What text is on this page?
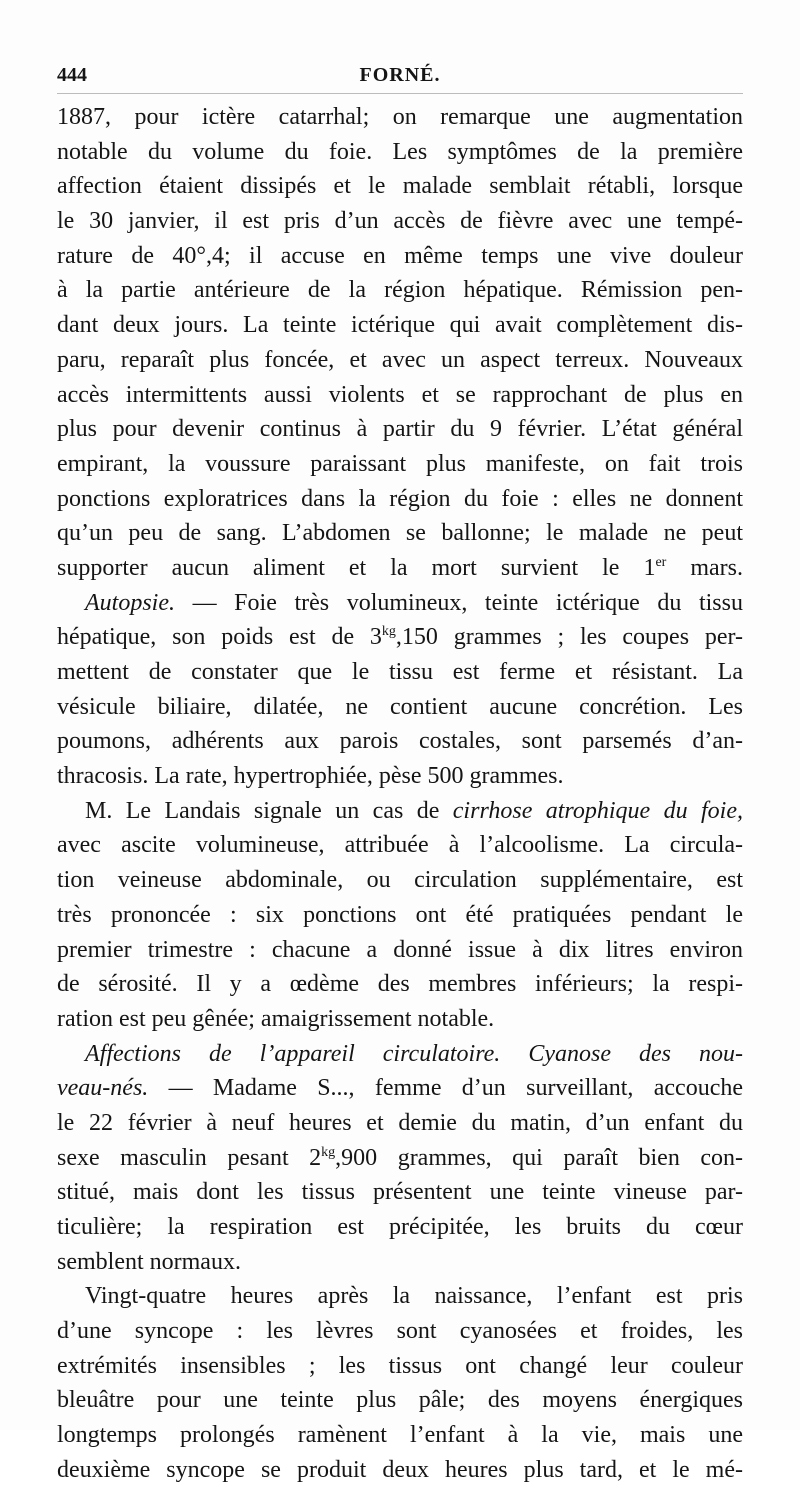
444	FORNÉ.
1887, pour ictère catarrhal; on remarque une augmentation
notable du volume du foie. Les symptômes de la première
affection étaient dissipés et le malade semblait rétabli, lorsque
le 30 janvier, il est pris d’un accès de fièvre avec une tempé-
rature de 40°,4; il accuse en même temps une vive douleur
à la partie antérieure de la région hépatique. Rémission pen-
dant deux jours. La teinte ictérique qui avait complètement dis-
paru, reparaît plus foncée, et avec un aspect terreux. Nouveaux
accès intermittents aussi violents et se rapprochant de plus en
plus pour devenir continus à partir du 9 février. L’état général
empirant, la voussure paraissant plus manifeste, on fait trois
ponctions exploratrices dans la région du foie : elles ne donnent
qu’un peu de sang. L’abdomen se ballonne; le malade ne peut
supporter aucun aliment et la mort survient le 1er mars.
Autopsie. — Foie très volumineux, teinte ictérique du tissu
hépatique, son poids est de $3^{kg},150$ grammes ; les coupes per-
mettent de constater que le tissu est ferme et résistant. La
vésicule biliaire, dilatée, ne contient aucune concrétion. Les
poumons, adhérents aux parois costales, sont parsemés d’an-
thracosis. La rate, hypertrophiée, pèse 500 grammes.
M. Le Landais signale un cas de cirrhose atrophique du foie,
avec ascite volumineuse, attribuée à l’alcoolisme. La circula-
tion veineuse abdominale, ou circulation supplémentaire, est
très prononcée : six ponctions ont été pratiquées pendant le
premier trimestre : chacune a donné issue à dix litres environ
de sérosité. Il y a œdème des membres inférieurs; la respi-
ration est peu gênée; amaigrissement notable.
Affections de l’appareil circulatoire. Cyanose des nou-
veau-nés. — Madame S..., femme d’un surveillant, accouche
le 22 février à neuf heures et demie du matin, d’un enfant du
sexe masculin pesant $2^{kg},900$ grammes, qui paraît bien con-
stitué, mais dont les tissus présentent une teinte vineuse par-
ticulière; la respiration est précipitée, les bruits du cœur
semblent normaux.
Vingt-quatre heures après la naissance, l’enfant est pris
d’une syncope : les lèvres sont cyanosées et froides, les
extrémités insensibles ; les tissus ont changé leur couleur
bleuâtre pour une teinte plus pâle; des moyens énergiques
longtemps prolongés ramènent l’enfant à la vie, mais une
deuxième syncope se produit deux heures plus tard, et le mé-
